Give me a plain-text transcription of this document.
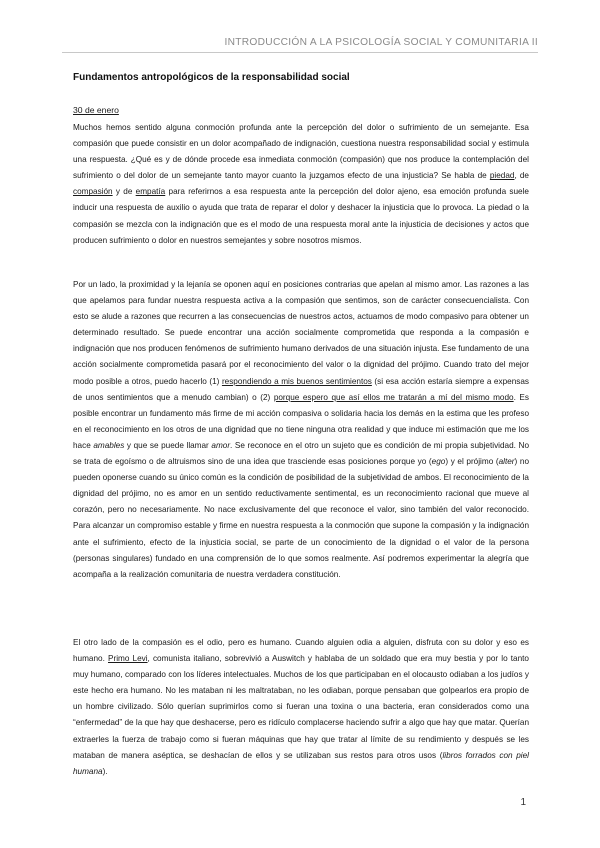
INTRODUCCIÓN A LA PSICOLOGÍA SOCIAL Y COMUNITARIA II
Fundamentos antropológicos de la responsabilidad social
30 de enero
Muchos hemos sentido alguna conmoción profunda ante la percepción del dolor o sufrimiento de un semejante. Esa compasión que puede consistir en un dolor acompañado de indignación, cuestiona nuestra responsabilidad social y estimula una respuesta. ¿Qué es y de dónde procede esa inmediata conmoción (compasión) que nos produce la contemplación del sufrimiento o del dolor de un semejante tanto mayor cuanto la juzgamos efecto de una injusticia? Se habla de piedad, de compasión y de empatía para referirnos a esa respuesta ante la percepción del dolor ajeno, esa emoción profunda suele inducir una respuesta de auxilio o ayuda que trata de reparar el dolor y deshacer la injusticia que lo provoca. La piedad o la compasión se mezcla con la indignación que es el modo de una respuesta moral ante la injusticia de decisiones y actos que producen sufrimiento o dolor en nuestros semejantes y sobre nosotros mismos.
Por un lado, la proximidad y la lejanía se oponen aquí en posiciones contrarias que apelan al mismo amor. Las razones a las que apelamos para fundar nuestra respuesta activa a la compasión que sentimos, son de carácter consecuencialista. Con esto se alude a razones que recurren a las consecuencias de nuestros actos, actuamos de modo compasivo para obtener un determinado resultado. Se puede encontrar una acción socialmente comprometida que responda a la compasión e indignación que nos producen fenómenos de sufrimiento humano derivados de una situación injusta. Ese fundamento de una acción socialmente comprometida pasará por el reconocimiento del valor o la dignidad del prójimo. Cuando trato del mejor modo posible a otros, puedo hacerlo (1) respondiendo a mis buenos sentimientos (si esa acción estaría siempre a expensas de unos sentimientos que a menudo cambian) o (2) porque espero que así ellos me tratarán a mí del mismo modo. Es posible encontrar un fundamento más firme de mi acción compasiva o solidaria hacia los demás en la estima que les profeso en el reconocimiento en los otros de una dignidad que no tiene ninguna otra realidad y que induce mi estimación que me los hace amables y que se puede llamar amor. Se reconoce en el otro un sujeto que es condición de mi propia subjetividad. No se trata de egoísmo o de altruismos sino de una idea que trasciende esas posiciones porque yo (ego) y el prójimo (alter) no pueden oponerse cuando su único común es la condición de posibilidad de la subjetividad de ambos. El reconocimiento de la dignidad del prójimo, no es amor en un sentido reductivamente sentimental, es un reconocimiento racional que mueve al corazón, pero no necesariamente. No nace exclusivamente del que reconoce el valor, sino también del valor reconocido. Para alcanzar un compromiso estable y firme en nuestra respuesta a la conmoción que supone la compasión y la indignación ante el sufrimiento, efecto de la injusticia social, se parte de un conocimiento de la dignidad o el valor de la persona (personas singulares) fundado en una comprensión de lo que somos realmente. Así podremos experimentar la alegría que acompaña a la realización comunitaria de nuestra verdadera constitución.
El otro lado de la compasión es el odio, pero es humano. Cuando alguien odia a alguien, disfruta con su dolor y eso es humano. Primo Levi, comunista italiano, sobrevivió a Auswitch y hablaba de un soldado que era muy bestia y por lo tanto muy humano, comparado con los líderes intelectuales. Muchos de los que participaban en el olocausto odiaban a los judíos y este hecho era humano. No les mataban ni les maltrataban, no les odiaban, porque pensaban que golpearlos era propio de un hombre civilizado. Sólo querían suprimirlos como si fueran una toxina o una bacteria, eran considerados como una “enfermedad” de la que hay que deshacerse, pero es ridículo complacerse haciendo sufrir a algo que hay que matar. Querían extraerles la fuerza de trabajo como si fueran máquinas que hay que tratar al límite de su rendimiento y después se les mataban de manera aséptica, se deshacían de ellos y se utilizaban sus restos para otros usos (libros forrados con piel humana).
1
